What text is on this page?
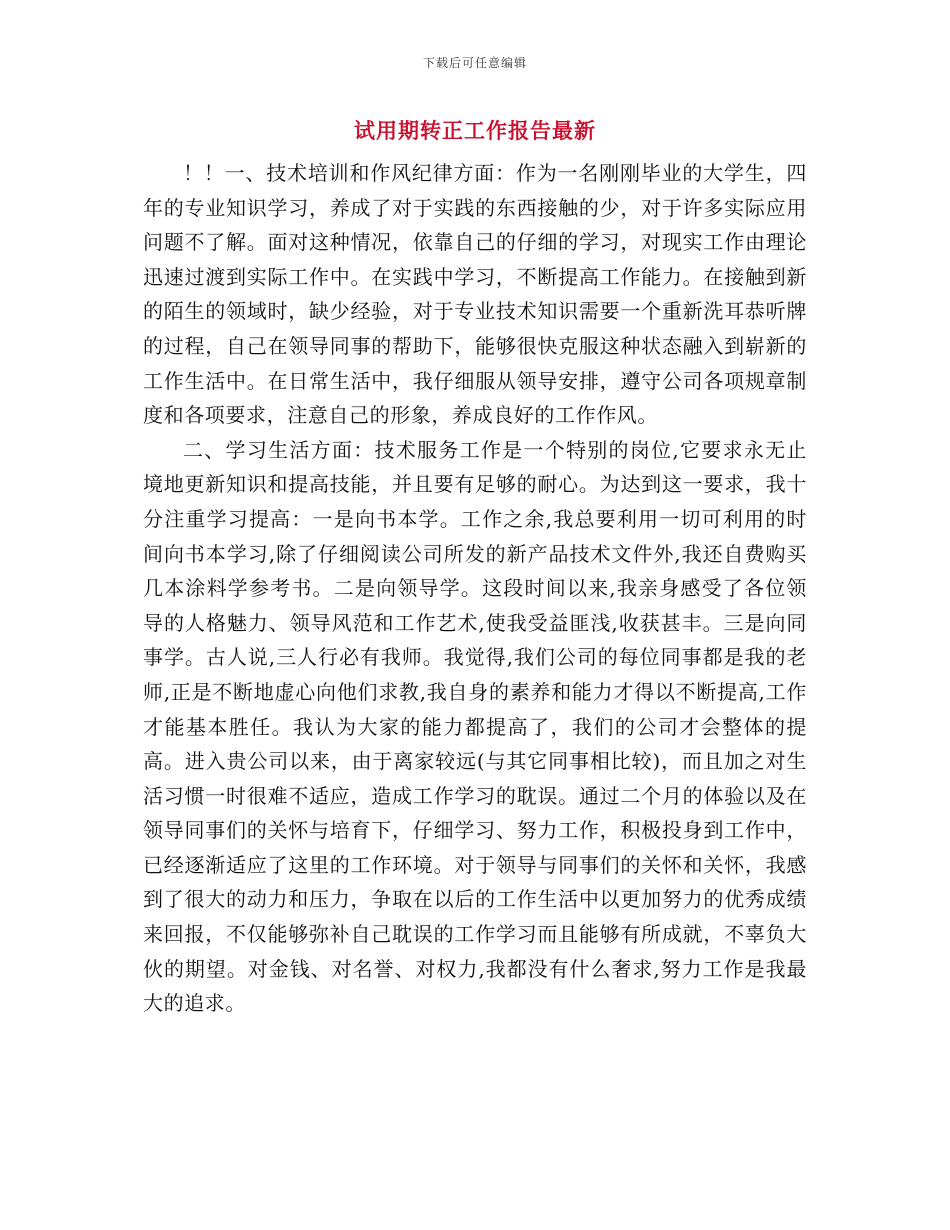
下载后可任意编辑
试用期转正工作报告最新

！！一、技术培训和作风纪律方面：作为一名刚刚毕业的大学生，四年的专业知识学习，养成了对于实践的东西接触的少，对于许多实际应用问题不了解。面对这种情况，依靠自己的仔细的学习，对现实工作由理论迅速过渡到实际工作中。在实践中学习，不断提高工作能力。在接触到新的陌生的领域时，缺少经验，对于专业技术知识需要一个重新洗耳恭听牌的过程，自己在领导同事的帮助下，能够很快克服这种状态融入到崭新的工作生活中。在日常生活中，我仔细服从领导安排，遵守公司各项规章制度和各项要求，注意自己的形象，养成良好的工作作风。

二、学习生活方面：技术服务工作是一个特别的岗位,它要求永无止境地更新知识和提高技能，并且要有足够的耐心。为达到这一要求，我十分注重学习提高：一是向书本学。工作之余,我总要利用一切可利用的时间向书本学习,除了仔细阅读公司所发的新产品技术文件外,我还自费购买几本涂料学参考书。二是向领导学。这段时间以来,我亲身感受了各位领导的人格魅力、领导风范和工作艺术,使我受益匪浅,收获甚丰。三是向同事学。古人说,三人行必有我师。我觉得,我们公司的每位同事都是我的老师,正是不断地虚心向他们求教,我自身的素养和能力才得以不断提高,工作才能基本胜任。我认为大家的能力都提高了，我们的公司才会整体的提高。进入贵公司以来，由于离家较远(与其它同事相比较)，而且加之对生活习惯一时很难不适应，造成工作学习的耽误。通过二个月的体验以及在领导同事们的关怀与培育下，仔细学习、努力工作，积极投身到工作中，已经逐渐适应了这里的工作环境。对于领导与同事们的关怀和关怀，我感到了很大的动力和压力，争取在以后的工作生活中以更加努力的优秀成绩来回报，不仅能够弥补自己耽误的工作学习而且能够有所成就，不辜负大伙的期望。对金钱、对名誉、对权力,我都没有什么奢求,努力工作是我最大的追求。
